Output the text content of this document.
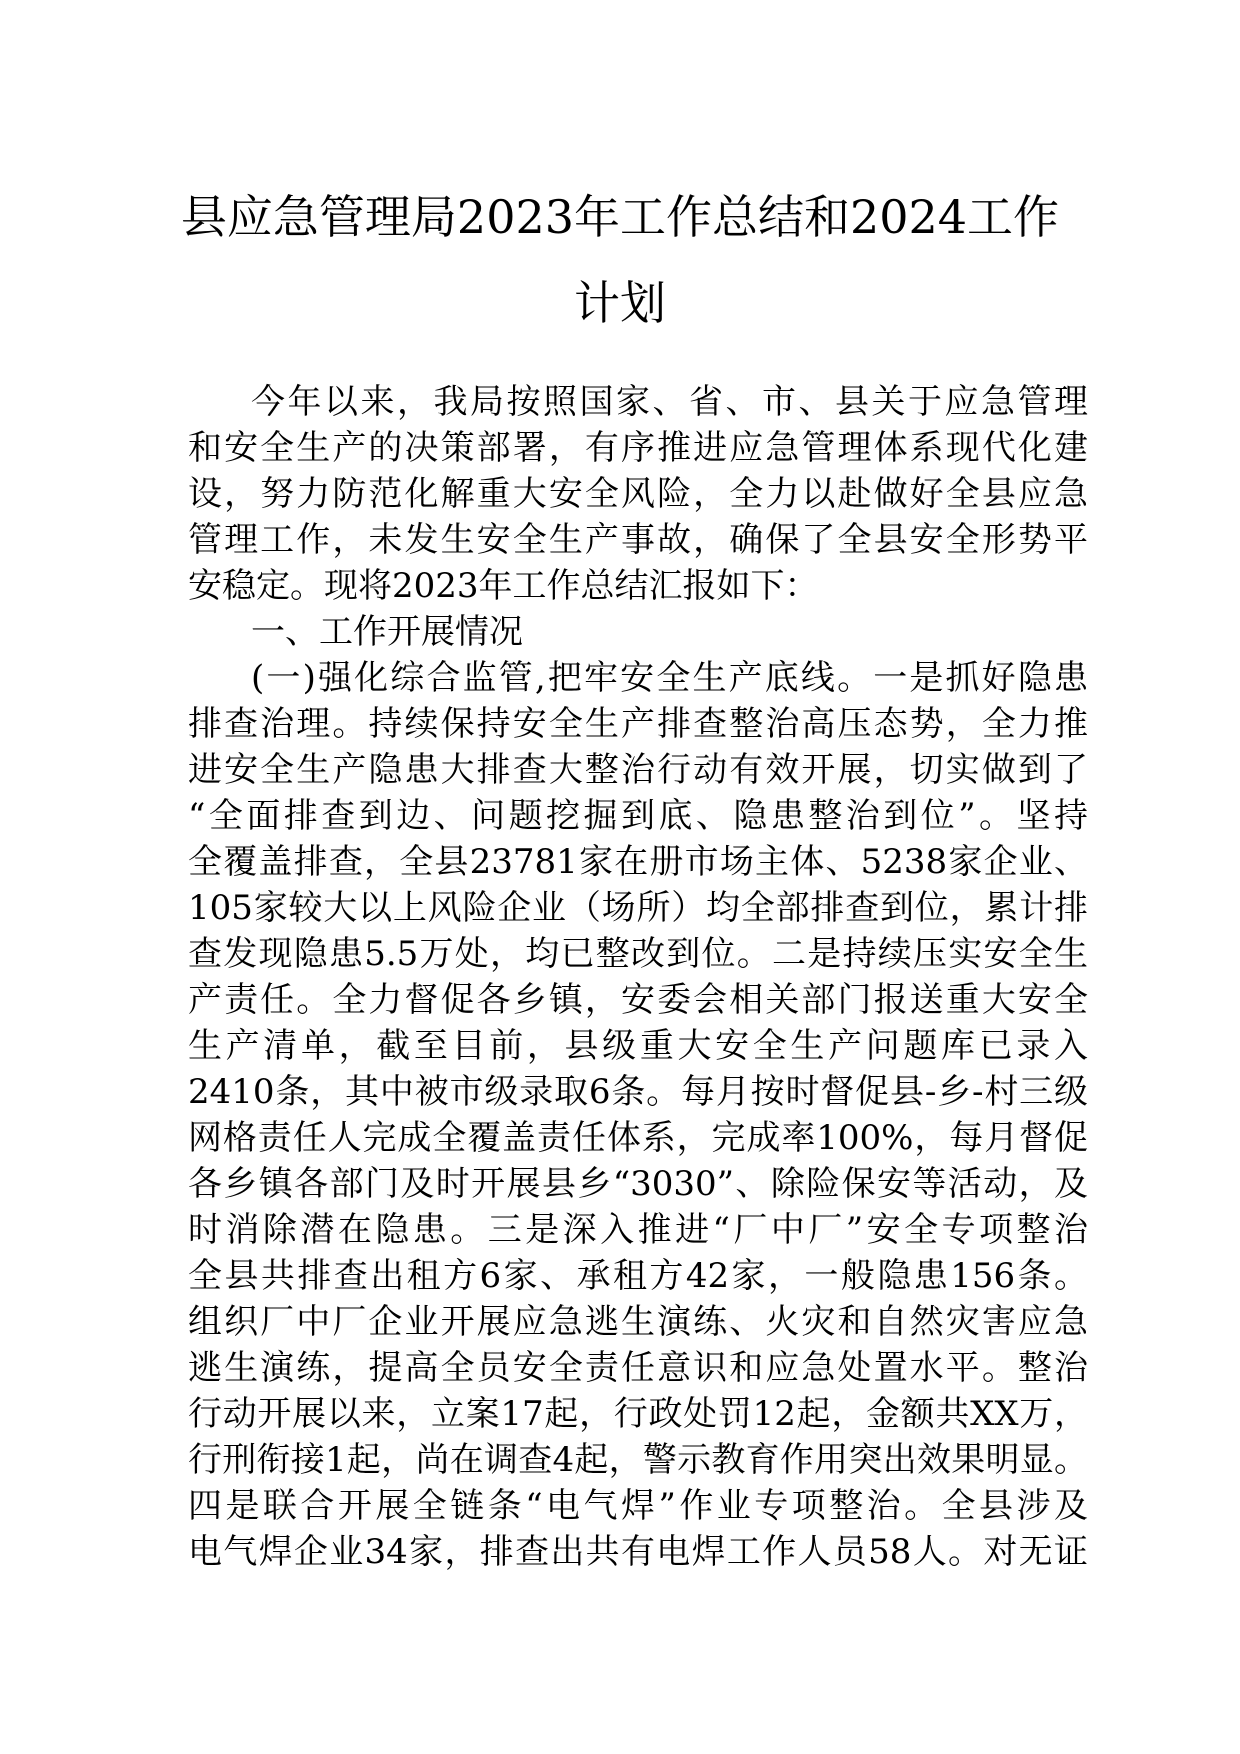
县应急管理局2023年工作总结和2024工作
计划
今年以来，我局按照国家、省、市、县关于应急管理
和安全生产的决策部署，有序推进应急管理体系现代化建
设，努力防范化解重大安全风险，全力以赴做好全县应急
管理工作，未发生安全生产事故，确保了全县安全形势平
安稳定。现将2023年工作总结汇报如下：
一、工作开展情况
(一)强化综合监管,把牢安全生产底线。一是抓好隐患
排查治理。持续保持安全生产排查整治高压态势，全力推
进安全生产隐患大排查大整治行动有效开展，切实做到了
“全面排查到边、问题挖掘到底、隐患整治到位”。坚持
全覆盖排查，全县23781家在册市场主体、5238家企业、
105家较大以上风险企业（场所）均全部排查到位，累计排
查发现隐患5.5万处，均已整改到位。二是持续压实安全生
产责任。全力督促各乡镇，安委会相关部门报送重大安全
生产清单，截至目前，县级重大安全生产问题库已录入
2410条，其中被市级录取6条。每月按时督促县-乡-村三级
网格责任人完成全覆盖责任体系，完成率100%，每月督促
各乡镇各部门及时开展县乡“3030”、除险保安等活动，及
时消除潜在隐患。三是深入推进“厂中厂”安全专项整治
全县共排查出租方6家、承租方42家，一般隐患156条。
组织厂中厂企业开展应急逃生演练、火灾和自然灾害应急
逃生演练，提高全员安全责任意识和应急处置水平。整治
行动开展以来，立案17起，行政处罚12起，金额共XX万，
行刑衔接1起，尚在调查4起，警示教育作用突出效果明显。
四是联合开展全链条“电气焊”作业专项整治。全县涉及
电气焊企业34家，排查出共有电焊工作人员58人。对无证
